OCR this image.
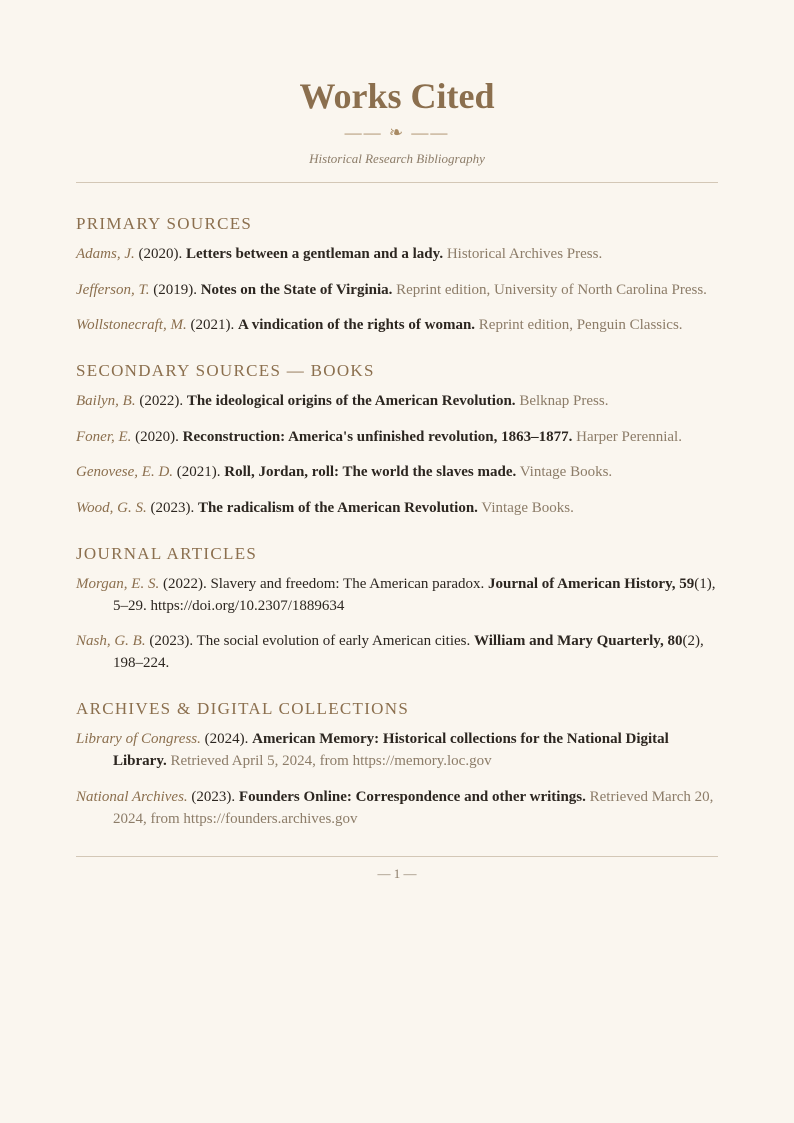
Works Cited
—— ❧ ——
Historical Research Bibliography
PRIMARY SOURCES

Adams, J. (2020). Letters between a gentleman and a lady. Historical Archives Press.

Jefferson, T. (2019). Notes on the State of Virginia. Reprint edition, University of North Carolina Press.

Wollstonecraft, M. (2021). A vindication of the rights of woman. Reprint edition, Penguin Classics.

SECONDARY SOURCES — BOOKS

Bailyn, B. (2022). The ideological origins of the American Revolution. Belknap Press.

Foner, E. (2020). Reconstruction: America's unfinished revolution, 1863–1877. Harper Perennial.

Genovese, E. D. (2021). Roll, Jordan, roll: The world the slaves made. Vintage Books.

Wood, G. S. (2023). The radicalism of the American Revolution. Vintage Books.

JOURNAL ARTICLES

Morgan, E. S. (2022). Slavery and freedom: The American paradox. Journal of American History, 59(1), 5–29. https://doi.org/10.2307/1889634

Nash, G. B. (2023). The social evolution of early American cities. William and Mary Quarterly, 80(2), 198–224.

ARCHIVES & DIGITAL COLLECTIONS

Library of Congress. (2024). American Memory: Historical collections for the National Digital Library. Retrieved April 5, 2024, from https://memory.loc.gov

National Archives. (2023). Founders Online: Correspondence and other writings. Retrieved March 20, 2024, from https://founders.archives.gov

— 1 —
